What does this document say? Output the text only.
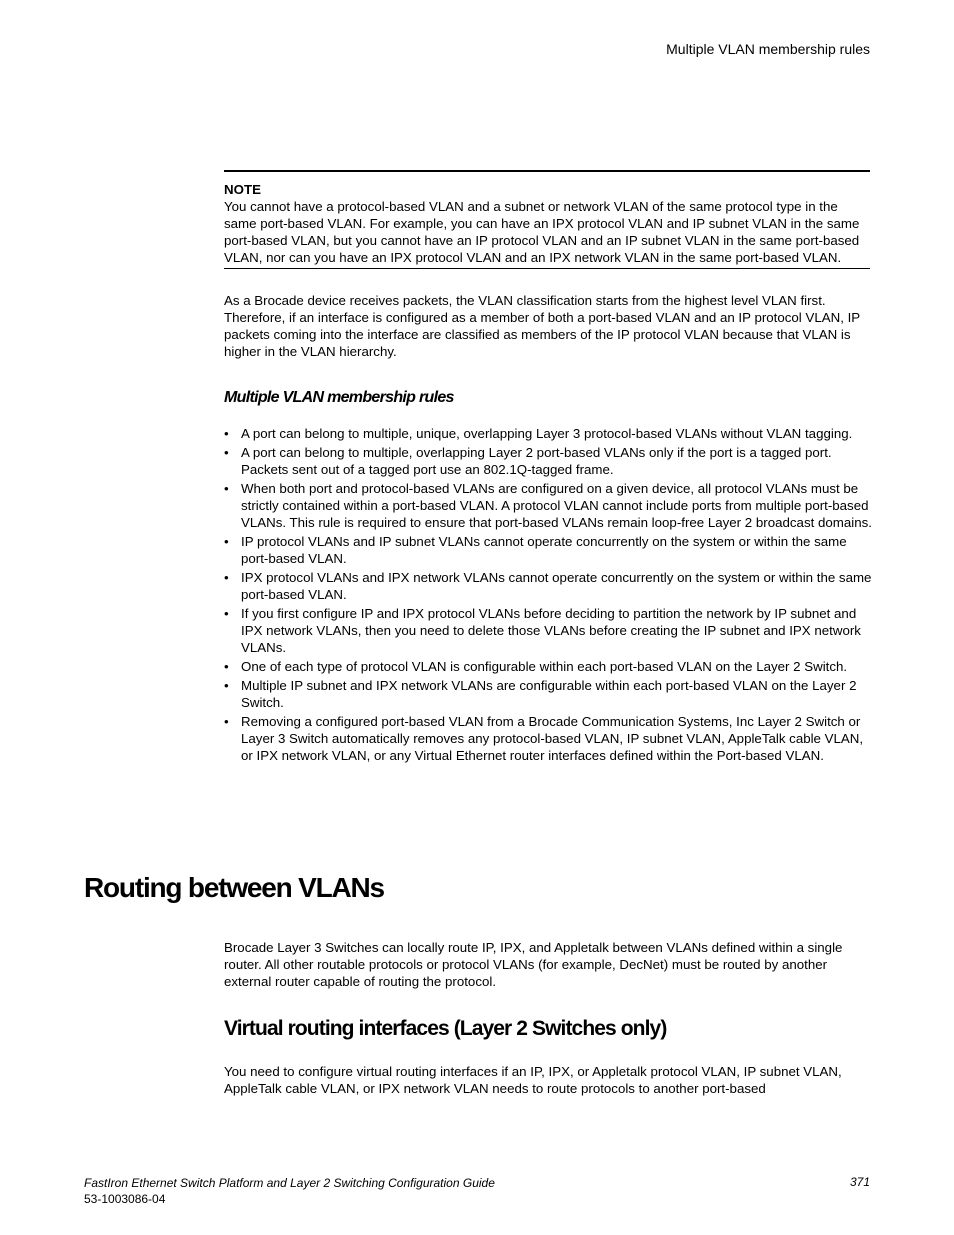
Multiple VLAN membership rules
NOTE
You cannot have a protocol-based VLAN and a subnet or network VLAN of the same protocol type in the same port-based VLAN. For example, you can have an IPX protocol VLAN and IP subnet VLAN in the same port-based VLAN, but you cannot have an IP protocol VLAN and an IP subnet VLAN in the same port-based VLAN, nor can you have an IPX protocol VLAN and an IPX network VLAN in the same port-based VLAN.
As a Brocade device receives packets, the VLAN classification starts from the highest level VLAN first. Therefore, if an interface is configured as a member of both a port-based VLAN and an IP protocol VLAN, IP packets coming into the interface are classified as members of the IP protocol VLAN because that VLAN is higher in the VLAN hierarchy.
Multiple VLAN membership rules
• A port can belong to multiple, unique, overlapping Layer 3 protocol-based VLANs without VLAN tagging.
• A port can belong to multiple, overlapping Layer 2 port-based VLANs only if the port is a tagged port. Packets sent out of a tagged port use an 802.1Q-tagged frame.
• When both port and protocol-based VLANs are configured on a given device, all protocol VLANs must be strictly contained within a port-based VLAN. A protocol VLAN cannot include ports from multiple port-based VLANs. This rule is required to ensure that port-based VLANs remain loop-free Layer 2 broadcast domains.
• IP protocol VLANs and IP subnet VLANs cannot operate concurrently on the system or within the same port-based VLAN.
• IPX protocol VLANs and IPX network VLANs cannot operate concurrently on the system or within the same port-based VLAN.
• If you first configure IP and IPX protocol VLANs before deciding to partition the network by IP subnet and IPX network VLANs, then you need to delete those VLANs before creating the IP subnet and IPX network VLANs.
• One of each type of protocol VLAN is configurable within each port-based VLAN on the Layer 2 Switch.
• Multiple IP subnet and IPX network VLANs are configurable within each port-based VLAN on the Layer 2 Switch.
• Removing a configured port-based VLAN from a Brocade Communication Systems, Inc Layer 2 Switch or Layer 3 Switch automatically removes any protocol-based VLAN, IP subnet VLAN, AppleTalk cable VLAN, or IPX network VLAN, or any Virtual Ethernet router interfaces defined within the Port-based VLAN.
Routing between VLANs
Brocade Layer 3 Switches can locally route IP, IPX, and Appletalk between VLANs defined within a single router. All other routable protocols or protocol VLANs (for example, DecNet) must be routed by another external router capable of routing the protocol.
Virtual routing interfaces (Layer 2 Switches only)
You need to configure virtual routing interfaces if an IP, IPX, or Appletalk protocol VLAN, IP subnet VLAN, AppleTalk cable VLAN, or IPX network VLAN needs to route protocols to another port-based
FastIron Ethernet Switch Platform and Layer 2 Switching Configuration Guide
53-1003086-04
371
